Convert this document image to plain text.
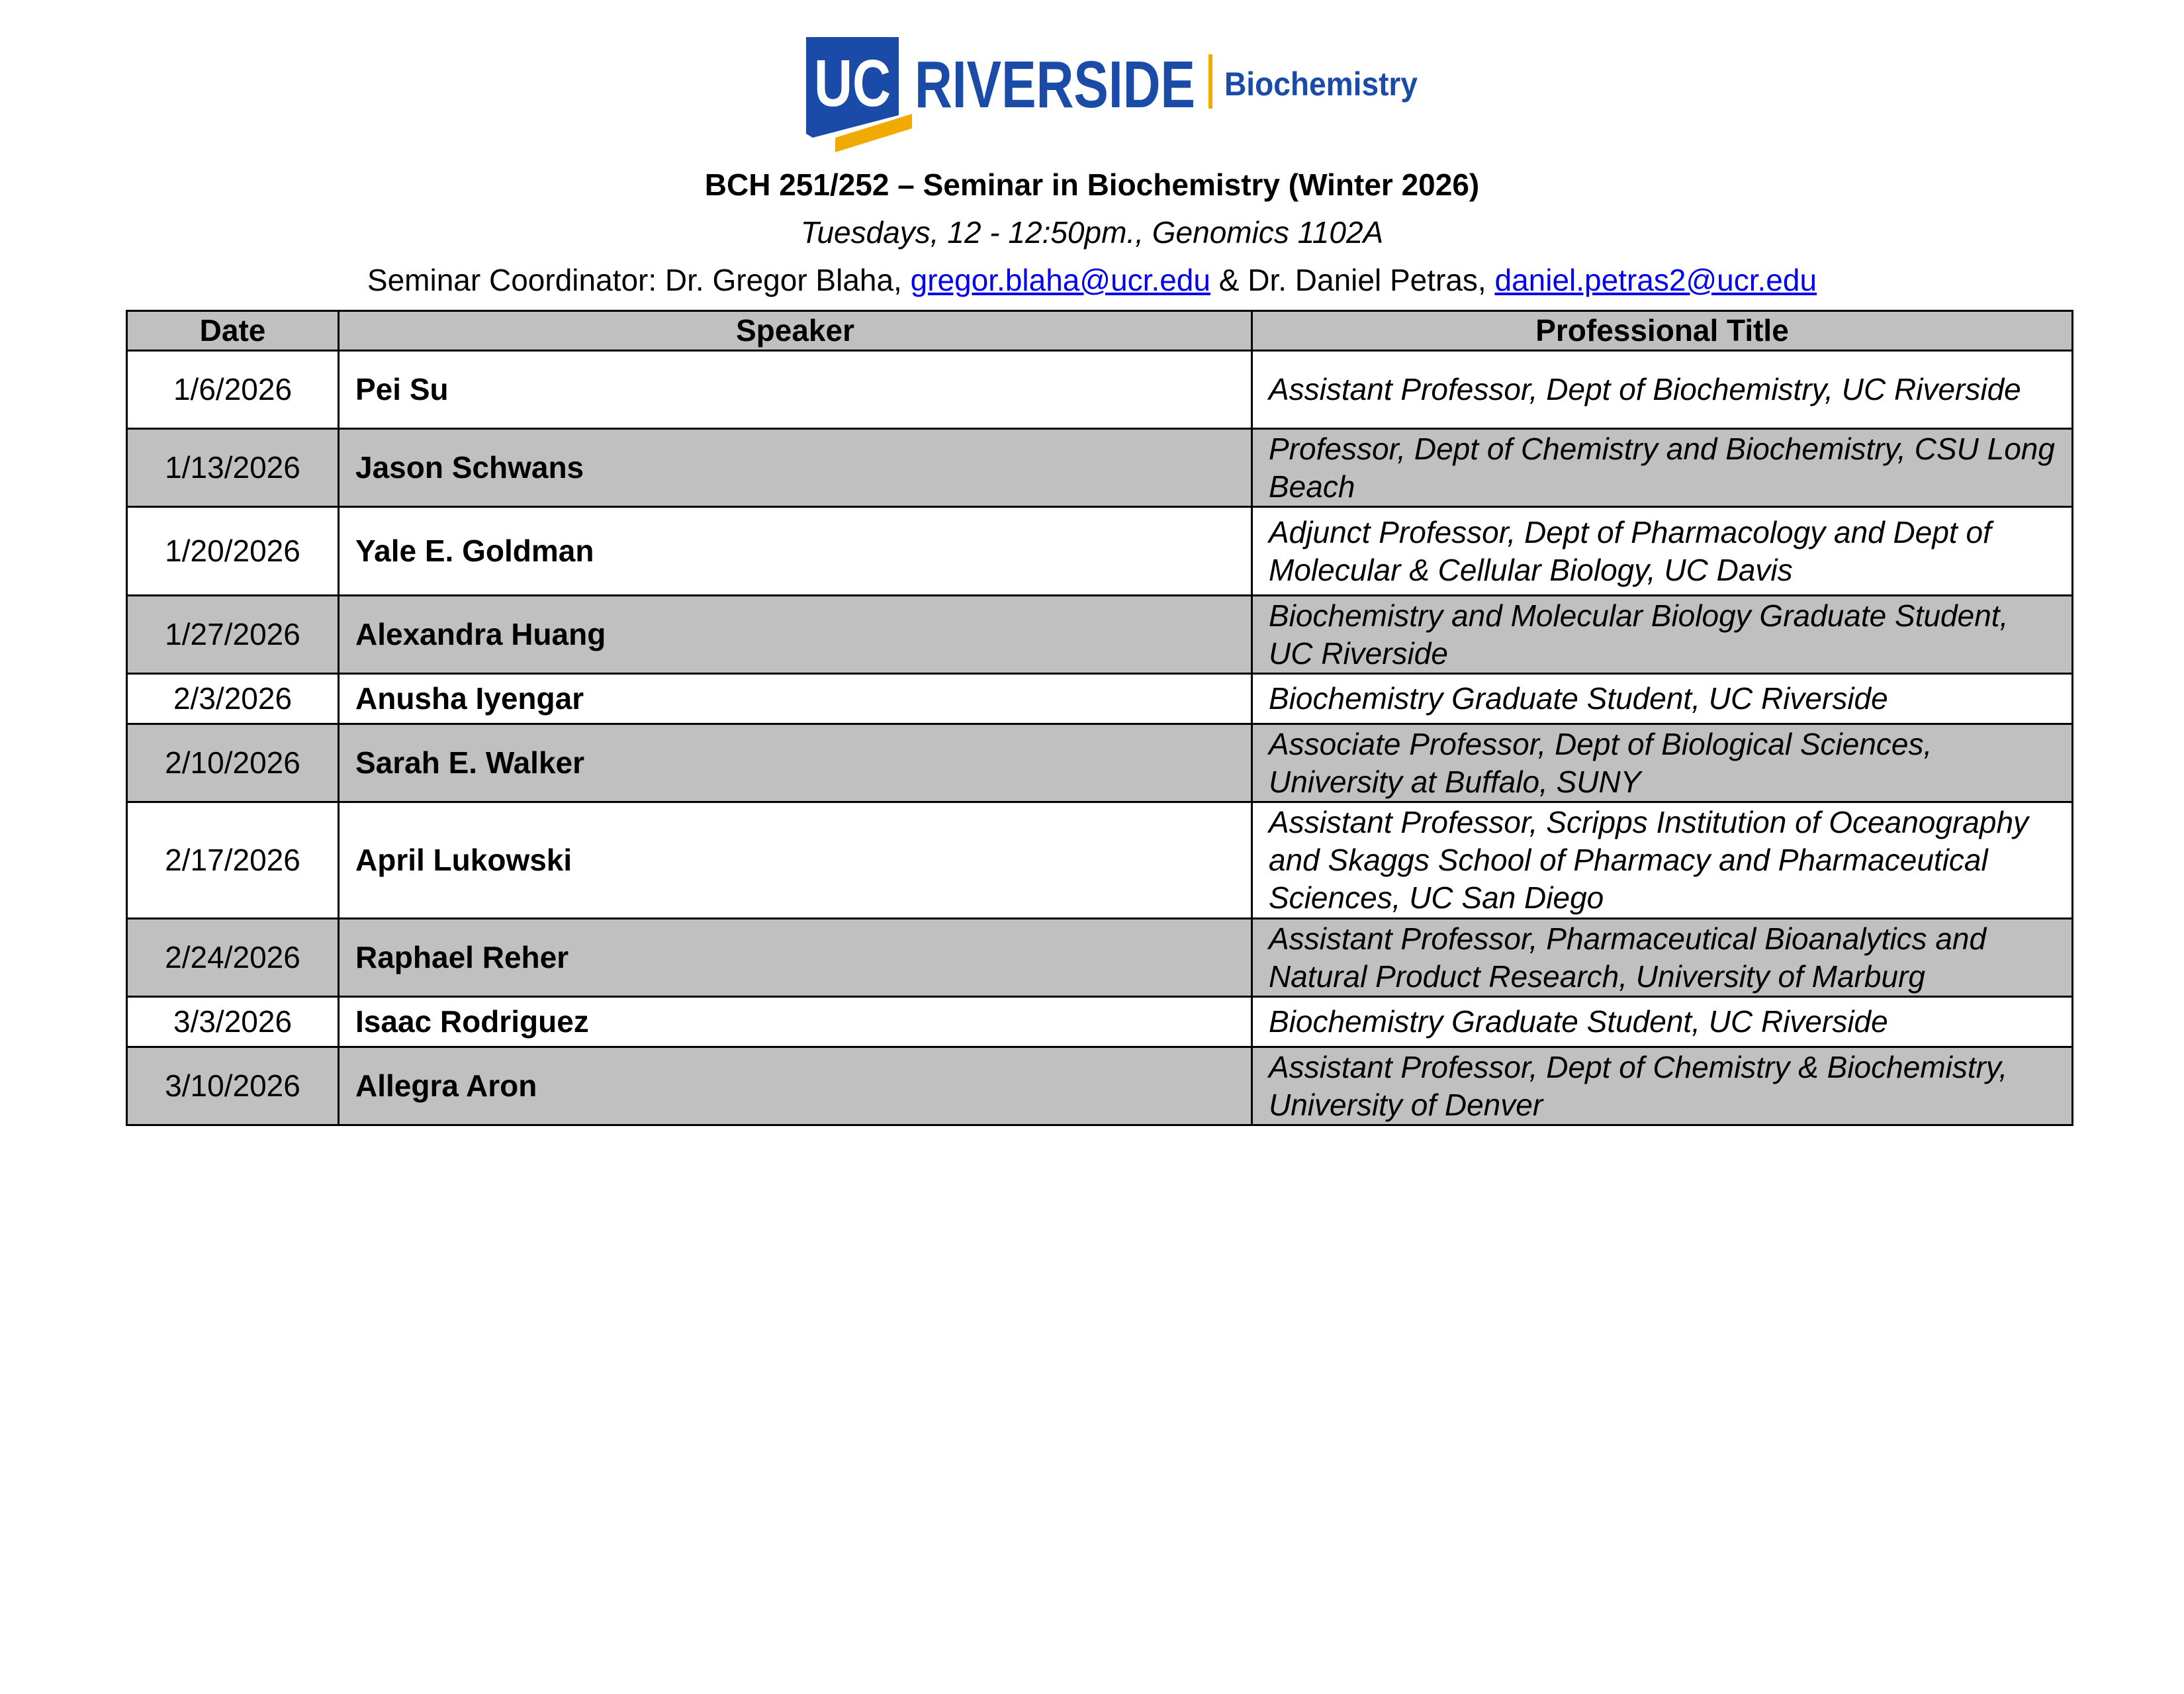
UC RIVERSIDE Biochemistry
BCH 251/252 – Seminar in Biochemistry (Winter 2026)
Tuesdays, 12 - 12:50pm., Genomics 1102A
Seminar Coordinator: Dr. Gregor Blaha, gregor.blaha@ucr.edu & Dr. Daniel Petras, daniel.petras2@ucr.edu
Date	Speaker	Professional Title
1/6/2026	Pei Su	Assistant Professor, Dept of Biochemistry, UC Riverside
1/13/2026	Jason Schwans	Professor, Dept of Chemistry and Biochemistry, CSU Long Beach
1/20/2026	Yale E. Goldman	Adjunct Professor, Dept of Pharmacology and Dept of Molecular & Cellular Biology, UC Davis
1/27/2026	Alexandra Huang	Biochemistry and Molecular Biology Graduate Student, UC Riverside
2/3/2026	Anusha Iyengar	Biochemistry Graduate Student, UC Riverside
2/10/2026	Sarah E. Walker	Associate Professor, Dept of Biological Sciences, University at Buffalo, SUNY
2/17/2026	April Lukowski	Assistant Professor, Scripps Institution of Oceanography and Skaggs School of Pharmacy and Pharmaceutical Sciences, UC San Diego
2/24/2026	Raphael Reher	Assistant Professor, Pharmaceutical Bioanalytics and Natural Product Research, University of Marburg
3/3/2026	Isaac Rodriguez	Biochemistry Graduate Student, UC Riverside
3/10/2026	Allegra Aron	Assistant Professor, Dept of Chemistry & Biochemistry, University of Denver
